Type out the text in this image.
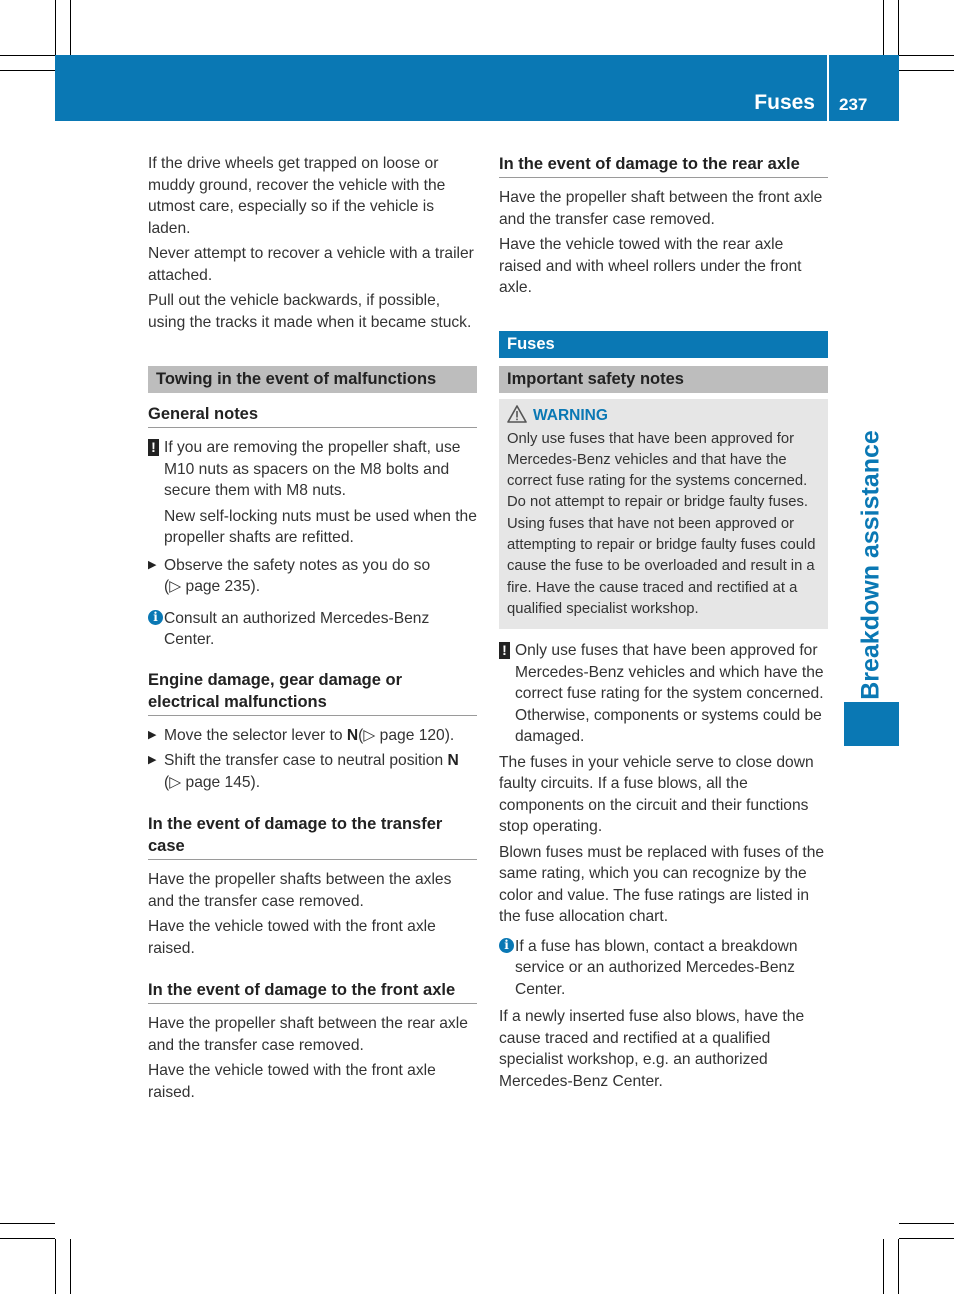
Fuses 237
Breakdown assistance

If the drive wheels get trapped on loose or muddy ground, recover the vehicle with the utmost care, especially so if the vehicle is laden.

Never attempt to recover a vehicle with a trailer attached.

Pull out the vehicle backwards, if possible, using the tracks it made when it became stuck.

Towing in the event of malfunctions
General notes
! If you are removing the propeller shaft, use M10 nuts as spacers on the M8 bolts and secure them with M8 nuts.

New self-locking nuts must be used when the propeller shafts are refitted.

▶ Observe the safety notes as you do so

(▷ page 235).

i Consult an authorized Mercedes-Benz Center.

Engine damage, gear damage or electrical malfunctions
▶ Move the selector lever to N(▷ page 120).

▶ Shift the transfer case to neutral position N (▷ page 145).

In the event of damage to the transfer case

Have the propeller shafts between the axles and the transfer case removed.

Have the vehicle towed with the front axle raised.

In the event of damage to the front axle

Have the propeller shaft between the rear axle and the transfer case removed.

Have the vehicle towed with the front axle raised.

In the event of damage to the rear axle

Have the propeller shaft between the front axle and the transfer case removed.

Have the vehicle towed with the rear axle raised and with wheel rollers under the front axle.

Fuses
Important safety notes
WARNING

Only use fuses that have been approved for Mercedes-Benz vehicles and that have the correct fuse rating for the systems concerned. Do not attempt to repair or bridge faulty fuses. Using fuses that have not been approved or attempting to repair or bridge faulty fuses could cause the fuse to be overloaded and result in a fire. Have the cause traced and rectified at a qualified specialist workshop.

! Only use fuses that have been approved for Mercedes-Benz vehicles and which have the correct fuse rating for the system concerned. Otherwise, components or systems could be damaged.

The fuses in your vehicle serve to close down faulty circuits. If a fuse blows, all the components on the circuit and their functions stop operating.

Blown fuses must be replaced with fuses of the same rating, which you can recognize by the color and value. The fuse ratings are listed in the fuse allocation chart.

i If a fuse has blown, contact a breakdown service or an authorized Mercedes-Benz Center.

If a newly inserted fuse also blows, have the cause traced and rectified at a qualified specialist workshop, e.g. an authorized Mercedes-Benz Center.
